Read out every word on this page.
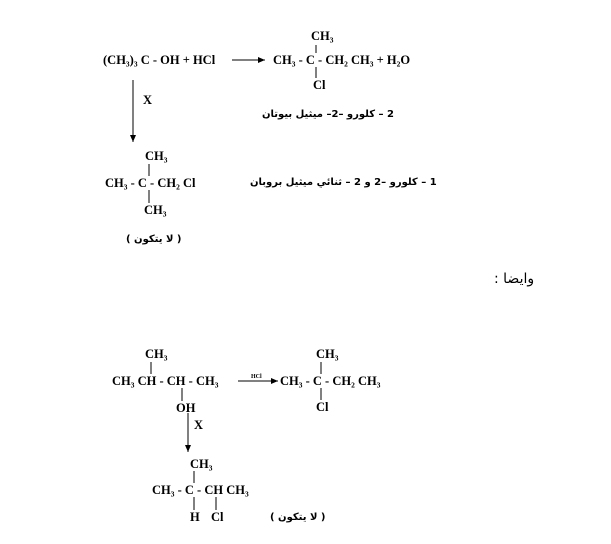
(CH₃)₃ C - OH + HCl
CH₃
CH₃ - C - CH₂ CH₃ + H₂O
Cl
2 – كلورو –2– ميثيل بيوتان
X
CH₃
CH₃ - C - CH₂ Cl
CH₃
( لا يتكون )
1 – كلورو –2 و 2 – ثنائي ميثيل بروبان
وايضا :
CH₃
CH₃ CH - CH - CH₃
OH
HCl
CH₃
CH₃ - C - CH₂ CH₃
Cl
X
CH₃
CH₃ - C - CH CH₃
H Cl	( لا يتكون )
